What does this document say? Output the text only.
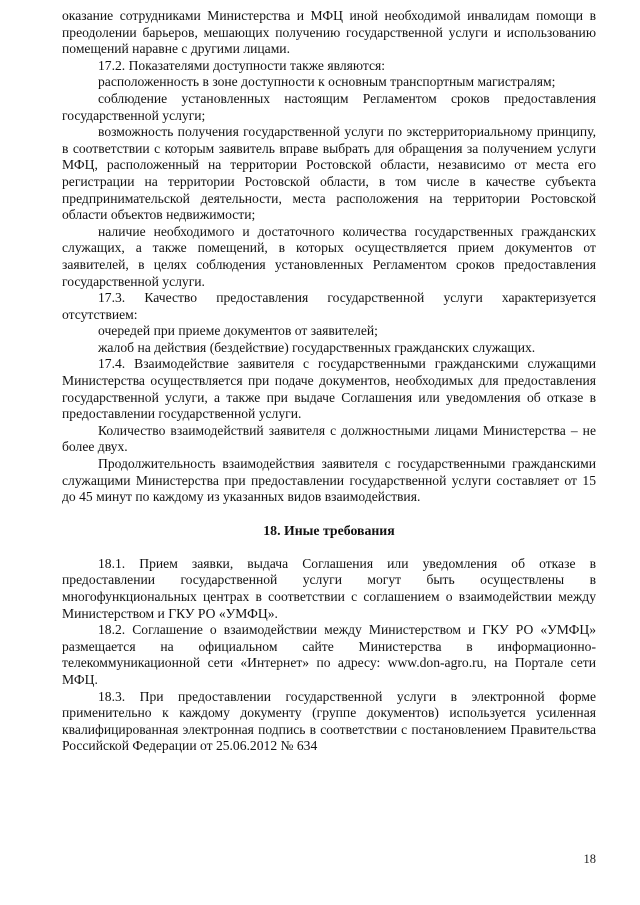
оказание сотрудниками Министерства и МФЦ иной необходимой инвалидам помощи в преодолении барьеров, мешающих получению государственной услуги и использованию помещений наравне с другими лицами.

17.2. Показателями доступности также являются:

расположенность в зоне доступности к основным транспортным магистралям;

соблюдение установленных настоящим Регламентом сроков предоставления государственной услуги;

возможность получения государственной услуги по экстерриториальному принципу, в соответствии с которым заявитель вправе выбрать для обращения за получением услуги МФЦ, расположенный на территории Ростовской области, независимо от места его регистрации на территории Ростовской области, в том числе в качестве субъекта предпринимательской деятельности, места расположения на территории Ростовской области объектов недвижимости;

наличие необходимого и достаточного количества государственных гражданских служащих, а также помещений, в которых осуществляется прием документов от заявителей, в целях соблюдения установленных Регламентом сроков предоставления государственной услуги.

17.3. Качество предоставления государственной услуги характеризуется отсутствием:

очередей при приеме документов от заявителей;

жалоб на действия (бездействие) государственных гражданских служащих.

17.4. Взаимодействие заявителя с государственными гражданскими служащими Министерства осуществляется при подаче документов, необходимых для предоставления государственной услуги, а также при выдаче Соглашения или уведомления об отказе в предоставлении государственной услуги.

Количество взаимодействий заявителя с должностными лицами Министерства – не более двух.

Продолжительность взаимодействия заявителя с государственными гражданскими служащими Министерства при предоставлении государственной услуги составляет от 15 до 45 минут по каждому из указанных видов взаимодействия.

18. Иные требования

18.1. Прием заявки, выдача Соглашения или уведомления об отказе в предоставлении государственной услуги могут быть осуществлены в многофункциональных центрах в соответствии с соглашением о взаимодействии между Министерством и ГКУ РО «УМФЦ».

18.2. Соглашение о взаимодействии между Министерством и ГКУ РО «УМФЦ» размещается на официальном сайте Министерства в информационно-телекоммуникационной сети «Интернет» по адресу: www.don-agro.ru, на Портале сети МФЦ.

18.3. При предоставлении государственной услуги в электронной форме применительно к каждому документу (группе документов) используется усиленная квалифицированная электронная подпись в соответствии с постановлением Правительства Российской Федерации от 25.06.2012 № 634

18
